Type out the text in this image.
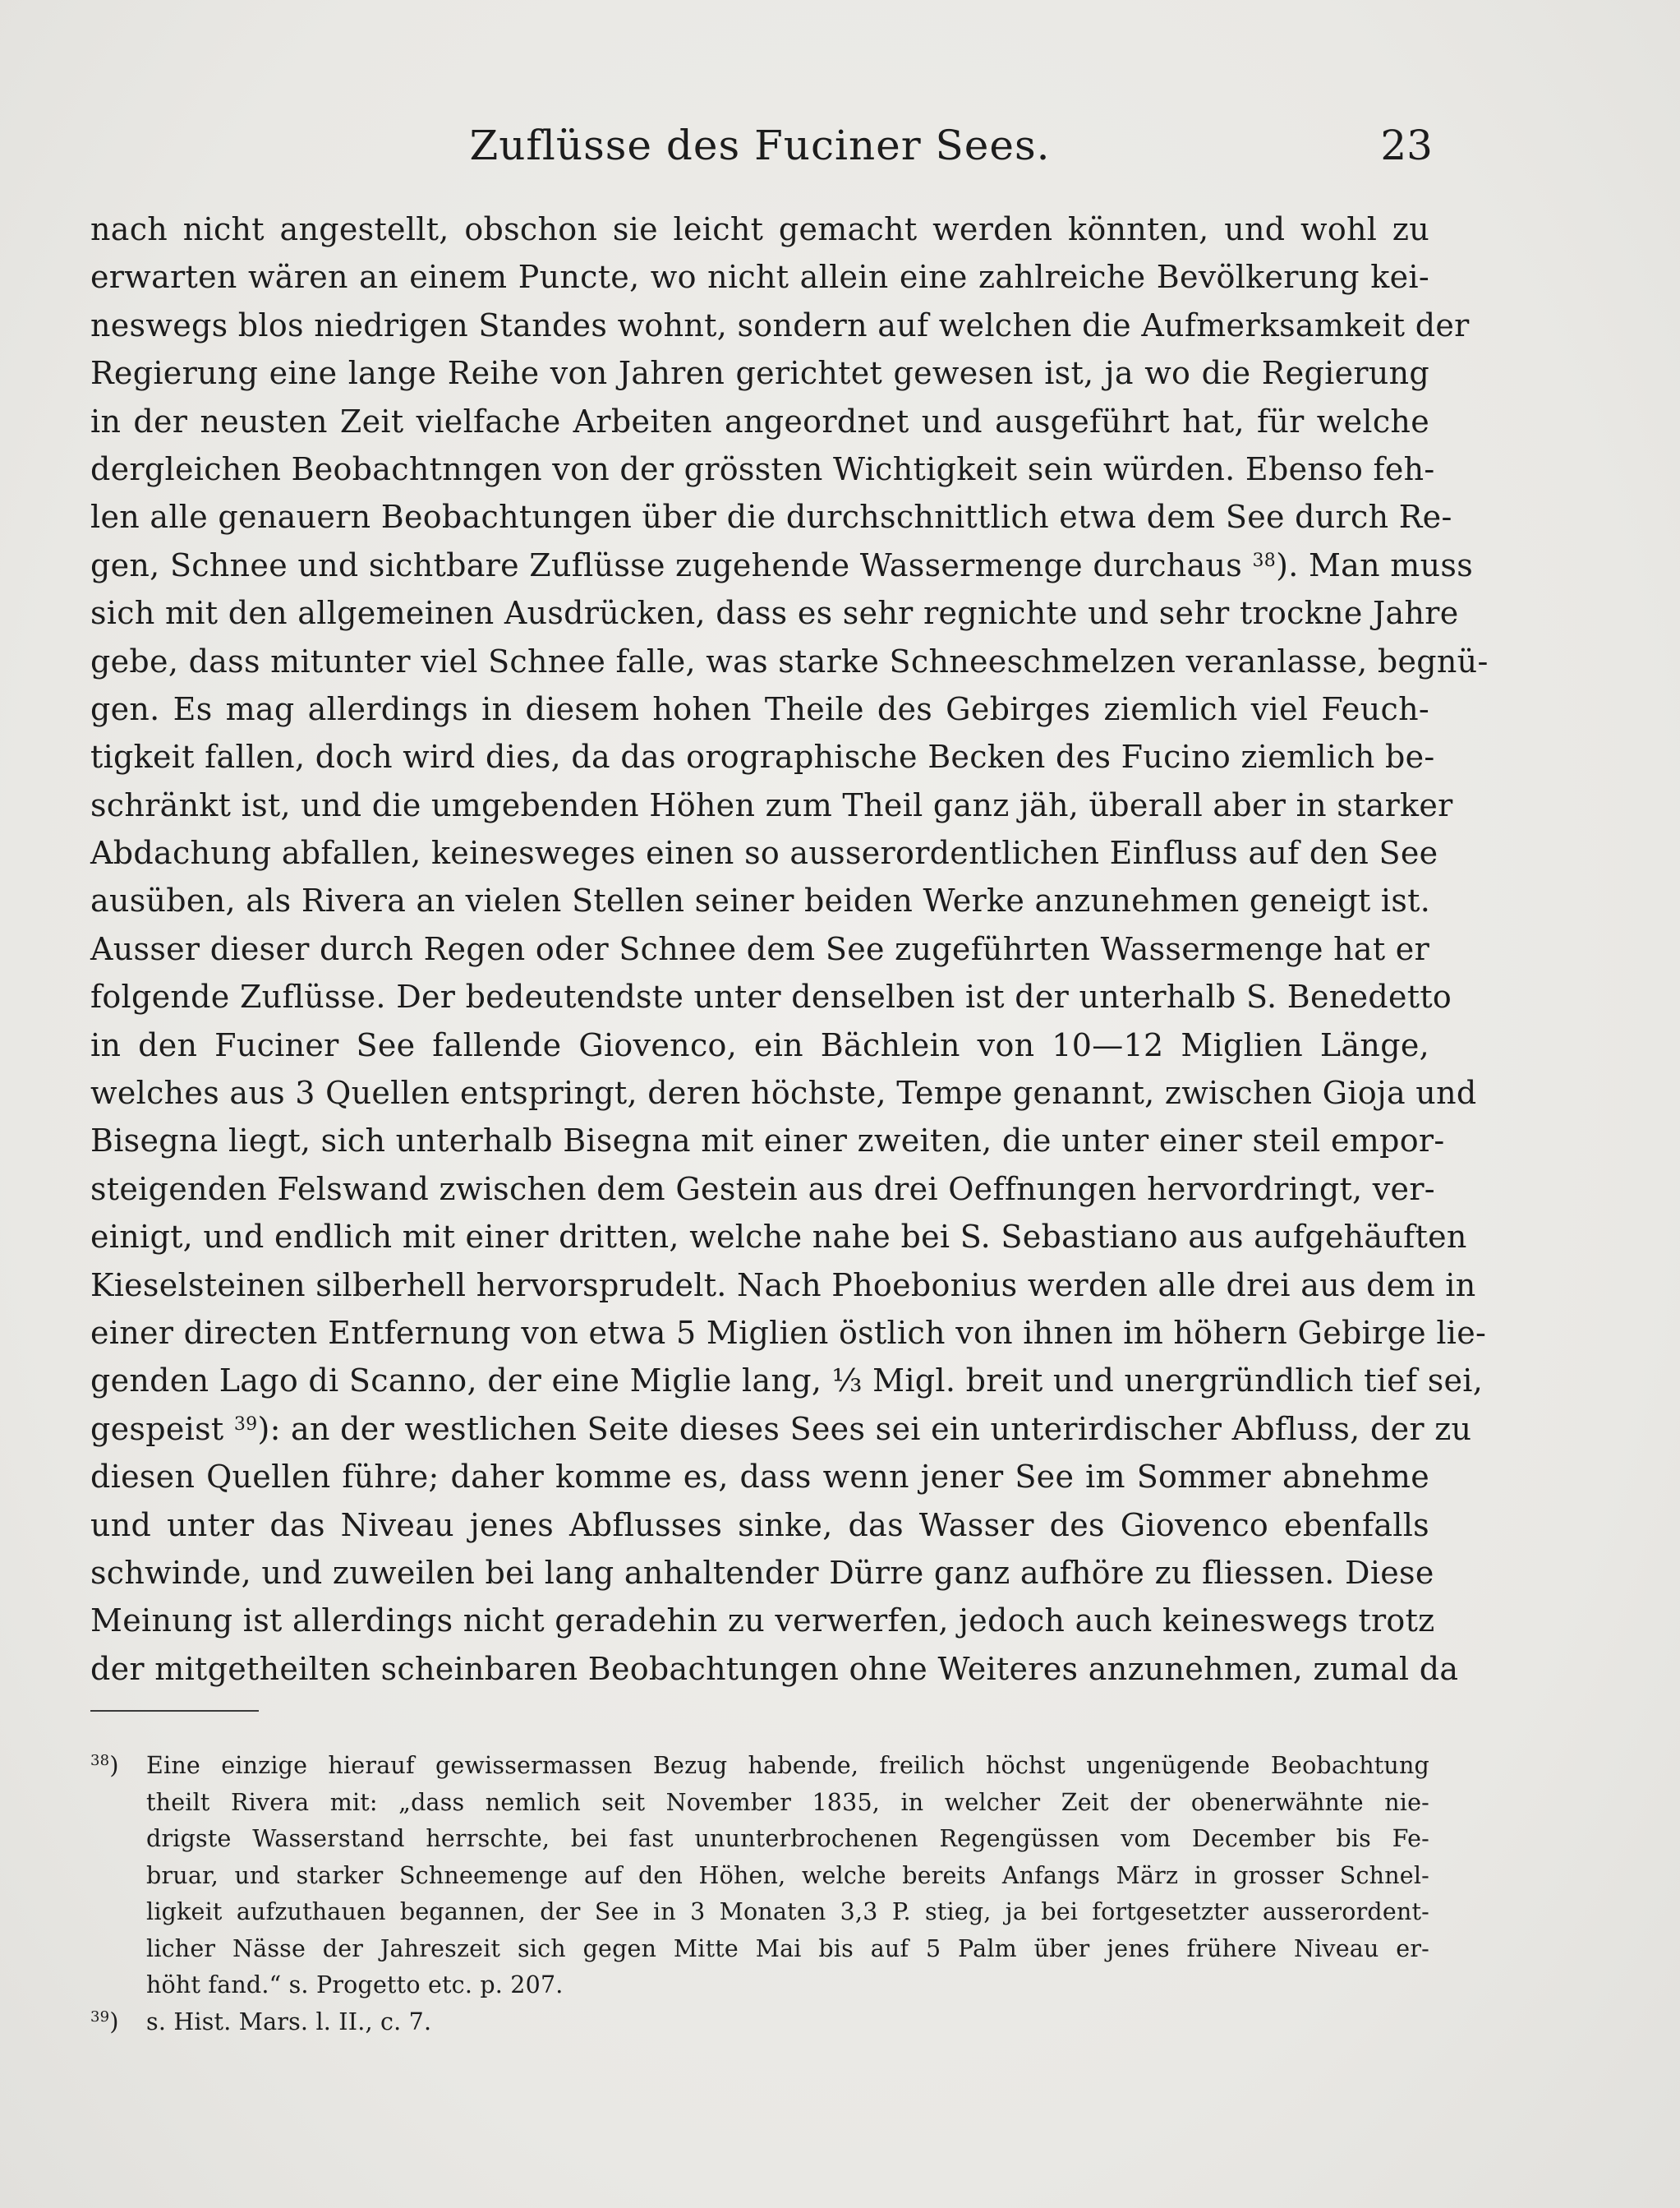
Zuflüsse des Fuciner Sees.	23
nach nicht angestellt, obschon sie leicht gemacht werden könnten, und wohl zu
erwarten wären an einem Puncte, wo nicht allein eine zahlreiche Bevölkerung kei-
neswegs blos niedrigen Standes wohnt, sondern auf welchen die Aufmerksamkeit der
Regierung eine lange Reihe von Jahren gerichtet gewesen ist, ja wo die Regierung
in der neusten Zeit vielfache Arbeiten angeordnet und ausgeführt hat, für welche
dergleichen Beobachtnngen von der grössten Wichtigkeit sein würden. Ebenso feh-
len alle genauern Beobachtungen über die durchschnittlich etwa dem See durch Re-
gen, Schnee und sichtbare Zuflüsse zugehende Wassermenge durchaus $^{38}$). Man muss
sich mit den allgemeinen Ausdrücken, dass es sehr regnichte und sehr trockne Jahre
gebe, dass mitunter viel Schnee falle, was starke Schneeschmelzen veranlasse, begnü-
gen. Es mag allerdings in diesem hohen Theile des Gebirges ziemlich viel Feuch-
tigkeit fallen, doch wird dies, da das orographische Becken des Fucino ziemlich be-
schränkt ist, und die umgebenden Höhen zum Theil ganz jäh, überall aber in starker
Abdachung abfallen, keinesweges einen so ausserordentlichen Einfluss auf den See
ausüben, als Rivera an vielen Stellen seiner beiden Werke anzunehmen geneigt ist.
Ausser dieser durch Regen oder Schnee dem See zugeführten Wassermenge hat er
folgende Zuflüsse. Der bedeutendste unter denselben ist der unterhalb S. Benedetto
in den Fuciner See fallende Giovenco, ein Bächlein von 10—12 Miglien Länge,
welches aus 3 Quellen entspringt, deren höchste, Tempe genannt, zwischen Gioja und
Bisegna liegt, sich unterhalb Bisegna mit einer zweiten, die unter einer steil empor-
steigenden Felswand zwischen dem Gestein aus drei Oeffnungen hervordringt, ver-
einigt, und endlich mit einer dritten, welche nahe bei S. Sebastiano aus aufgehäuften
Kieselsteinen silberhell hervorsprudelt. Nach Phoebonius werden alle drei aus dem in
einer directen Entfernung von etwa 5 Miglien östlich von ihnen im höhern Gebirge lie-
genden Lago di Scanno, der eine Miglie lang, ⅓ Migl. breit und unergründlich tief sei,
gespeist $^{39}$): an der westlichen Seite dieses Sees sei ein unterirdischer Abfluss, der zu
diesen Quellen führe; daher komme es, dass wenn jener See im Sommer abnehme
und unter das Niveau jenes Abflusses sinke, das Wasser des Giovenco ebenfalls
schwinde, und zuweilen bei lang anhaltender Dürre ganz aufhöre zu fliessen. Diese
Meinung ist allerdings nicht geradehin zu verwerfen, jedoch auch keineswegs trotz
der mitgetheilten scheinbaren Beobachtungen ohne Weiteres anzunehmen, zumal da
$^{38}$) Eine einzige hierauf gewissermassen Bezug habende, freilich höchst ungenügende Beobachtung
theilt Rivera mit: „dass nemlich seit November 1835, in welcher Zeit der obenerwähnte nie-
drigste Wasserstand herrschte, bei fast ununterbrochenen Regengüssen vom December bis Fe-
bruar, und starker Schneemenge auf den Höhen, welche bereits Anfangs März in grosser Schnel-
ligkeit aufzuthauen begannen, der See in 3 Monaten 3,3 P. stieg, ja bei fortgesetzter ausserordent-
licher Nässe der Jahreszeit sich gegen Mitte Mai bis auf 5 Palm über jenes frühere Niveau er-
höht fand.“ s. Progetto etc. p. 207.
$^{39}$) s. Hist. Mars. l. II., c. 7.
